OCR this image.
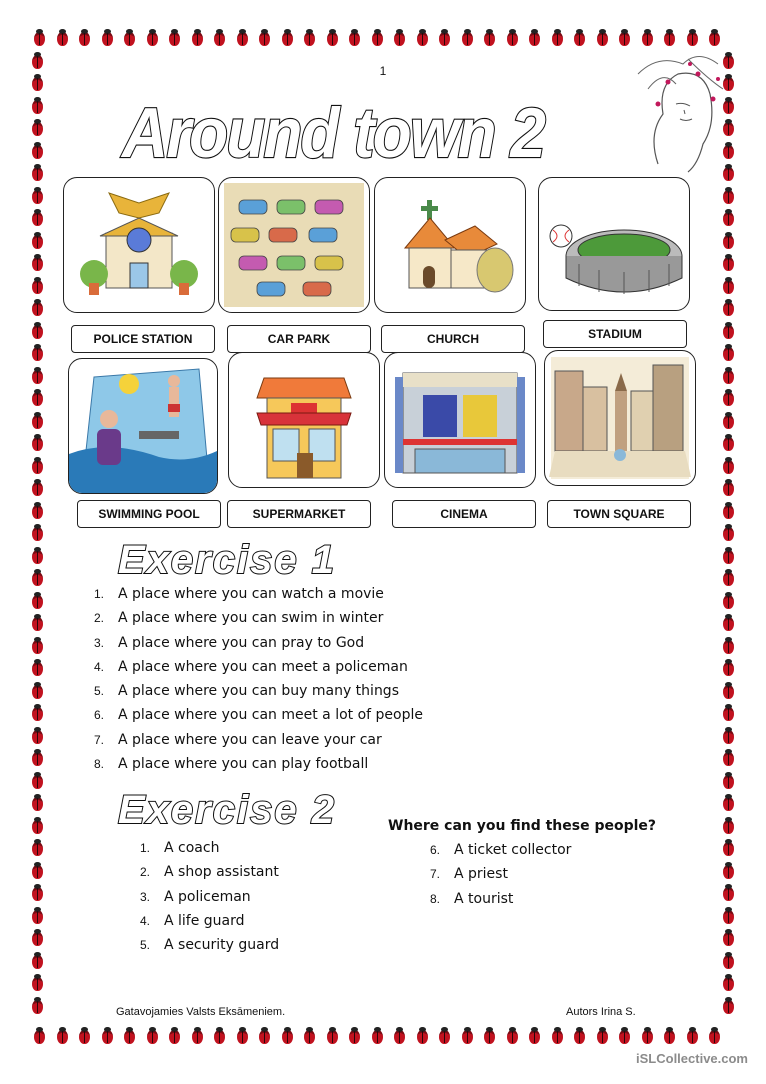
1
Around town 2
POLICE STATION	CAR PARK	CHURCH	STADIUM
SWIMMING POOL	SUPERMARKET	CINEMA	TOWN SQUARE
Exercise 1
1. A place where you can watch a movie
2. A place where you can swim in winter
3. A place where you can pray to God
4. A place where you can meet a policeman
5. A place where you can buy many things
6. A place where you can meet a lot of people
7. A place where you can leave your car
8. A place where you can play football
Exercise 2	Where can you find these people?
1. A coach
2. A shop assistant
3. A policeman
4. A life guard
5. A security guard
6. A ticket collector
7. A priest
8. A tourist
Gatavojamies Valsts Eksāmeniem.	Autors Irina S.
iSLCollective.com
